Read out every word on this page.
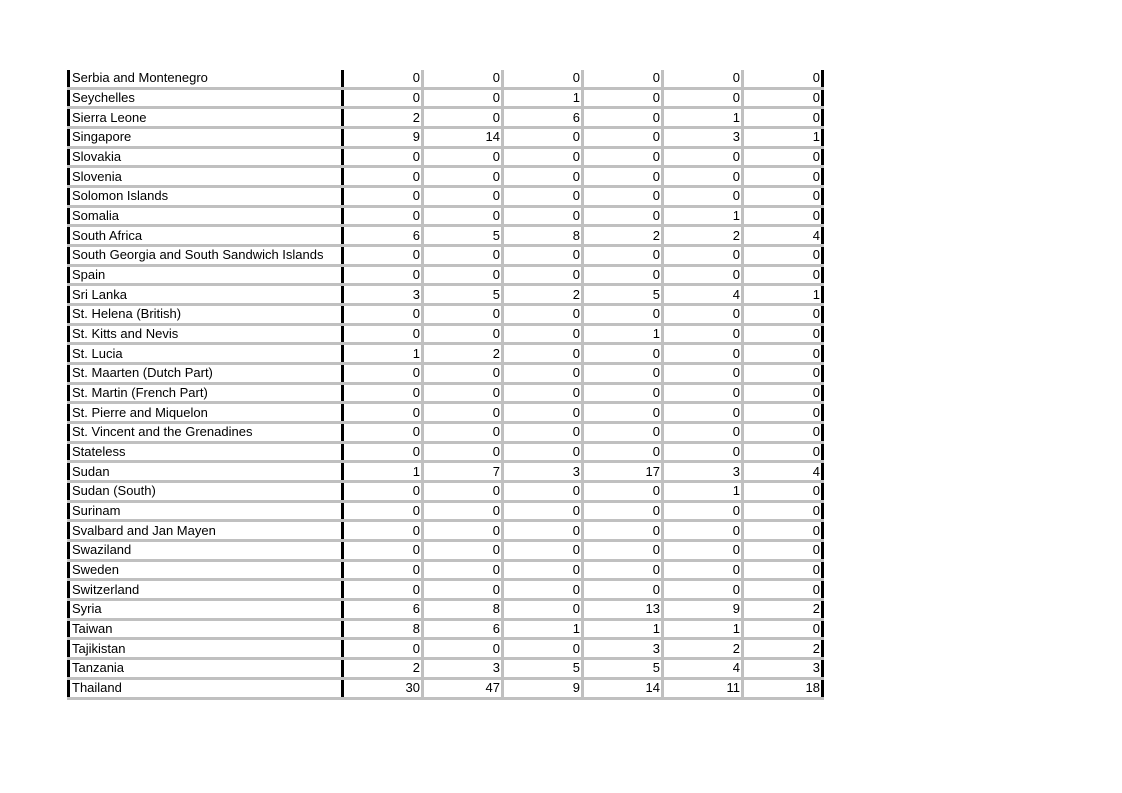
Serbia and Montenegro	0	0	0	0	0	0
Seychelles	0	0	1	0	0	0
Sierra Leone	2	0	6	0	1	0
Singapore	9	14	0	0	3	1
Slovakia	0	0	0	0	0	0
Slovenia	0	0	0	0	0	0
Solomon Islands	0	0	0	0	0	0
Somalia	0	0	0	0	1	0
South Africa	6	5	8	2	2	4
South Georgia and South Sandwich Islands	0	0	0	0	0	0
Spain	0	0	0	0	0	0
Sri Lanka	3	5	2	5	4	1
St. Helena (British)	0	0	0	0	0	0
St. Kitts and Nevis	0	0	0	1	0	0
St. Lucia	1	2	0	0	0	0
St. Maarten (Dutch Part)	0	0	0	0	0	0
St. Martin (French Part)	0	0	0	0	0	0
St. Pierre and Miquelon	0	0	0	0	0	0
St. Vincent and the Grenadines	0	0	0	0	0	0
Stateless	0	0	0	0	0	0
Sudan	1	7	3	17	3	4
Sudan (South)	0	0	0	0	1	0
Surinam	0	0	0	0	0	0
Svalbard and Jan Mayen	0	0	0	0	0	0
Swaziland	0	0	0	0	0	0
Sweden	0	0	0	0	0	0
Switzerland	0	0	0	0	0	0
Syria	6	8	0	13	9	2
Taiwan	8	6	1	1	1	0
Tajikistan	0	0	0	3	2	2
Tanzania	2	3	5	5	4	3
Thailand	30	47	9	14	11	18
